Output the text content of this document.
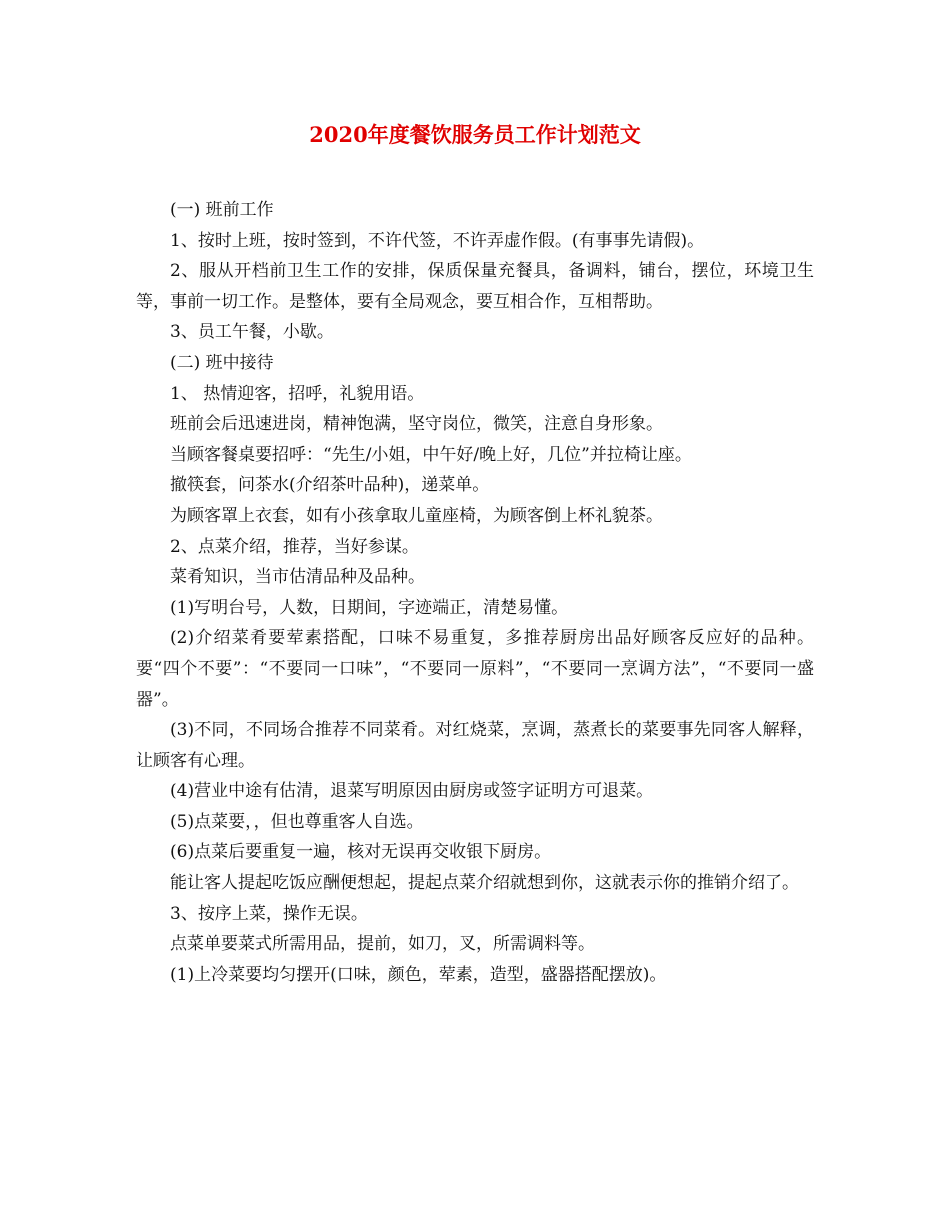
2020年度餐饮服务员工作计划范文

(一) 班前工作

1、按时上班，按时签到，不许代签，不许弄虚作假。(有事事先请假)。

2、服从开档前卫生工作的安排，保质保量充餐具，备调料，铺台，摆位，环境卫生等，事前一切工作。是整体，要有全局观念，要互相合作，互相帮助。

3、员工午餐，小歇。

(二) 班中接待

1、 热情迎客，招呼，礼貌用语。

班前会后迅速进岗，精神饱满，坚守岗位，微笑，注意自身形象。

当顾客餐桌要招呼：“先生/小姐，中午好/晚上好，几位”并拉椅让座。

撤筷套，问茶水(介绍茶叶品种)，递菜单。

为顾客罩上衣套，如有小孩拿取儿童座椅，为顾客倒上杯礼貌茶。

2、点菜介绍，推荐，当好参谋。

菜肴知识，当市估清品种及品种。

(1)写明台号，人数，日期间，字迹端正，清楚易懂。

(2)介绍菜肴要荤素搭配，口味不易重复，多推荐厨房出品好顾客反应好的品种。要“四个不要”：“不要同一口味”，“不要同一原料”，“不要同一烹调方法”，“不要同一盛器”。

(3)不同，不同场合推荐不同菜肴。对红烧菜，烹调，蒸煮长的菜要事先同客人解释，让顾客有心理。

(4)营业中途有估清，退菜写明原因由厨房或签字证明方可退菜。

(5)点菜要，，但也尊重客人自选。

(6)点菜后要重复一遍，核对无误再交收银下厨房。

能让客人提起吃饭应酬便想起，提起点菜介绍就想到你，这就表示你的推销介绍了。

3、按序上菜，操作无误。

点菜单要菜式所需用品，提前，如刀，叉，所需调料等。

(1)上冷菜要均匀摆开(口味，颜色，荤素，造型，盛器搭配摆放)。
